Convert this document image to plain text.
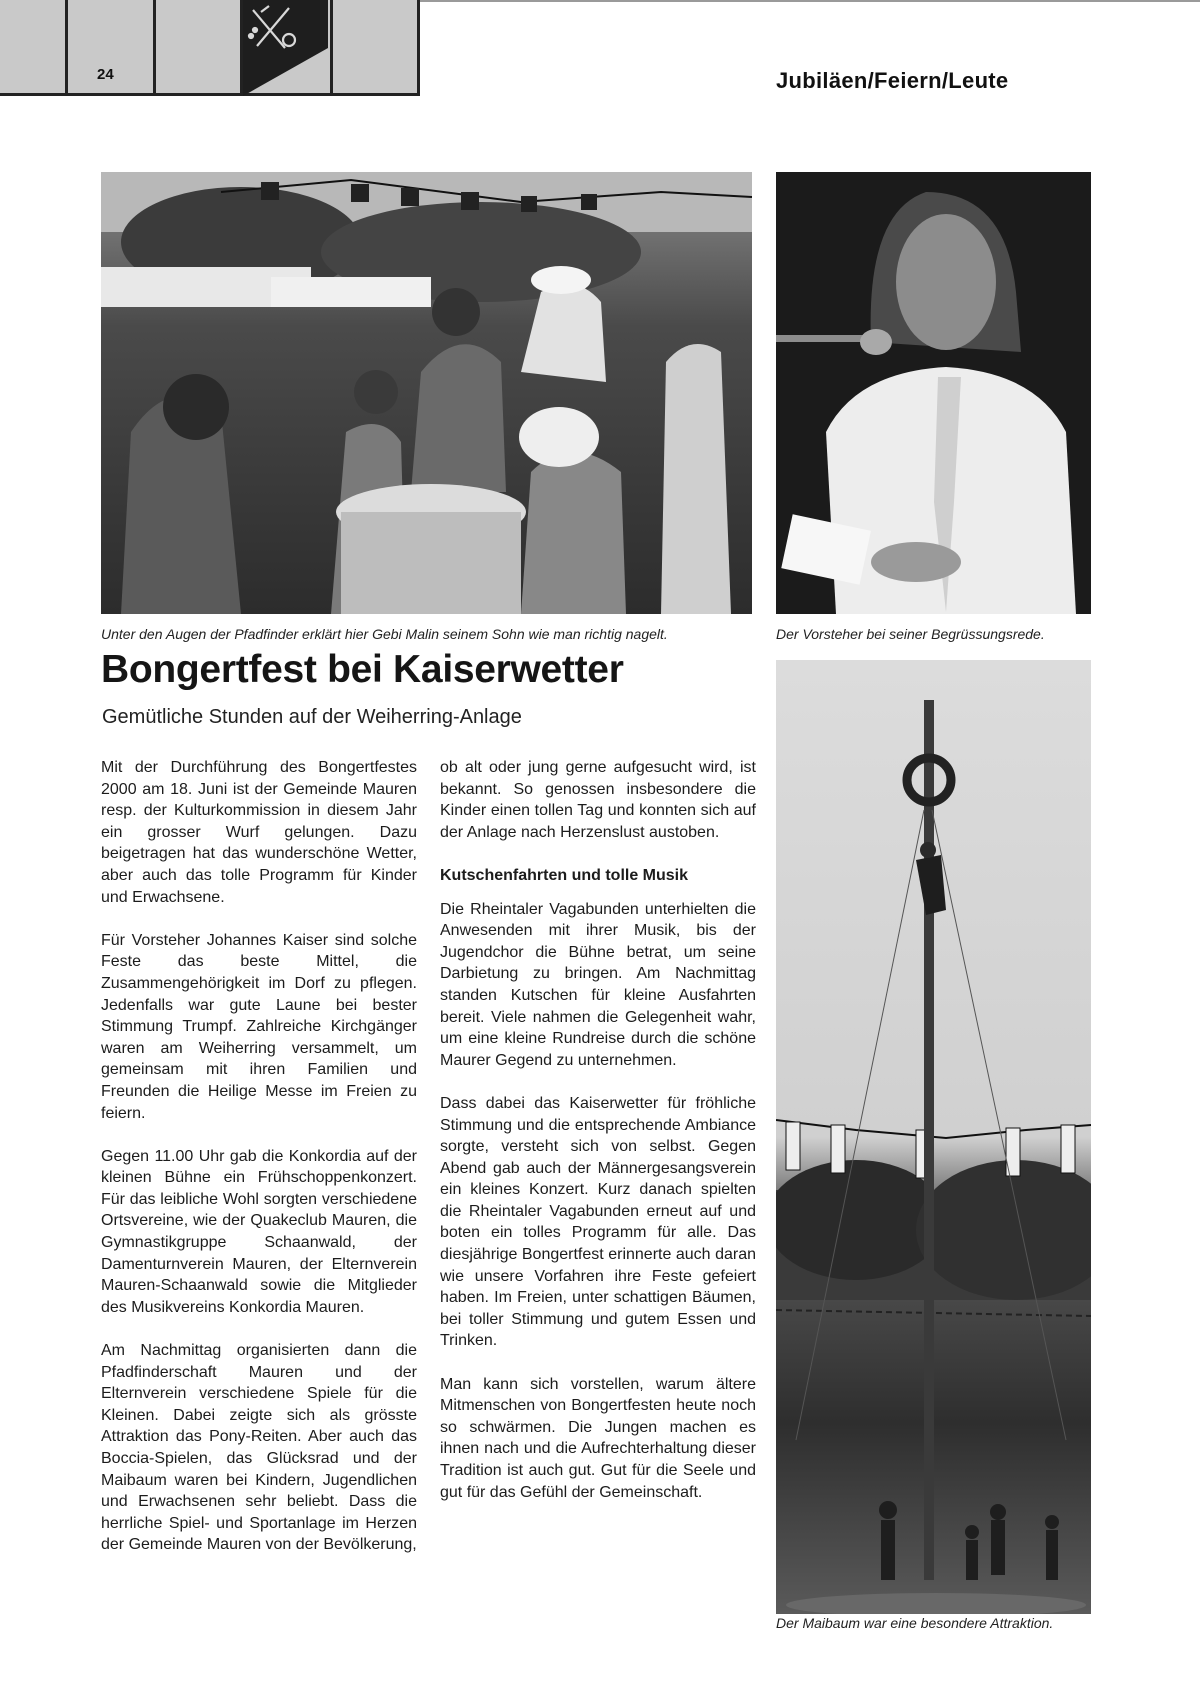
24	Jubiläen/Feiern/Leute
Unter den Augen der Pfadfinder erklärt hier Gebi Malin seinem Sohn wie man richtig nagelt.	Der Vorsteher bei seiner Begrüssungsrede.
Der Maibaum war eine besondere Attraktion.
Bongertfest bei Kaiserwetter
Gemütliche Stunden auf der Weiherring-Anlage

Mit der Durchführung des Bongertfestes 2000 am 18. Juni ist der Gemeinde Mauren resp. der Kulturkommission in diesem Jahr ein grosser Wurf gelungen. Dazu beigetragen hat das wunderschöne Wetter, aber auch das tolle Programm für Kinder und Erwachsene.

Für Vorsteher Johannes Kaiser sind solche Feste das beste Mittel, die Zusammengehörigkeit im Dorf zu pflegen. Jedenfalls war gute Laune bei bester Stimmung Trumpf. Zahlreiche Kirchgänger waren am Weiherring versammelt, um gemeinsam mit ihren Familien und Freunden die Heilige Messe im Freien zu feiern.

Gegen 11.00 Uhr gab die Konkordia auf der kleinen Bühne ein Frühschoppenkonzert. Für das leibliche Wohl sorgten verschiedene Ortsvereine, wie der Quakeclub Mauren, die Gymnastikgruppe Schaanwald, der Damenturnverein Mauren, der Elternverein Mauren-Schaanwald sowie die Mitglieder des Musikvereins Konkordia Mauren.

Am Nachmittag organisierten dann die Pfadfinderschaft Mauren und der Elternverein verschiedene Spiele für die Kleinen. Dabei zeigte sich als grösste Attraktion das Pony-Reiten. Aber auch das Boccia-Spielen, das Glücksrad und der Maibaum waren bei Kindern, Jugendlichen und Erwachsenen sehr beliebt. Dass die herrliche Spiel- und Sportanlage im Herzen der Gemeinde Mauren von der Bevölkerung,

ob alt oder jung gerne aufgesucht wird, ist bekannt. So genossen insbesondere die Kinder einen tollen Tag und konnten sich auf der Anlage nach Herzenslust austoben.

Kutschenfahrten und tolle Musik

Die Rheintaler Vagabunden unterhielten die Anwesenden mit ihrer Musik, bis der Jugendchor die Bühne betrat, um seine Darbietung zu bringen. Am Nachmittag standen Kutschen für kleine Ausfahrten bereit. Viele nahmen die Gelegenheit wahr, um eine kleine Rundreise durch die schöne Maurer Gegend zu unternehmen.

Dass dabei das Kaiserwetter für fröhliche Stimmung und die entsprechende Ambiance sorgte, versteht sich von selbst. Gegen Abend gab auch der Männergesangsverein ein kleines Konzert. Kurz danach spielten die Rheintaler Vagabunden erneut auf und boten ein tolles Programm für alle. Das diesjährige Bongertfest erinnerte auch daran wie unsere Vorfahren ihre Feste gefeiert haben. Im Freien, unter schattigen Bäumen, bei toller Stimmung und gutem Essen und Trinken.

Man kann sich vorstellen, warum ältere Mitmenschen von Bongertfesten heute noch so schwärmen. Die Jungen machen es ihnen nach und die Aufrechterhaltung dieser Tradition ist auch gut. Gut für die Seele und gut für das Gefühl der Gemeinschaft.
